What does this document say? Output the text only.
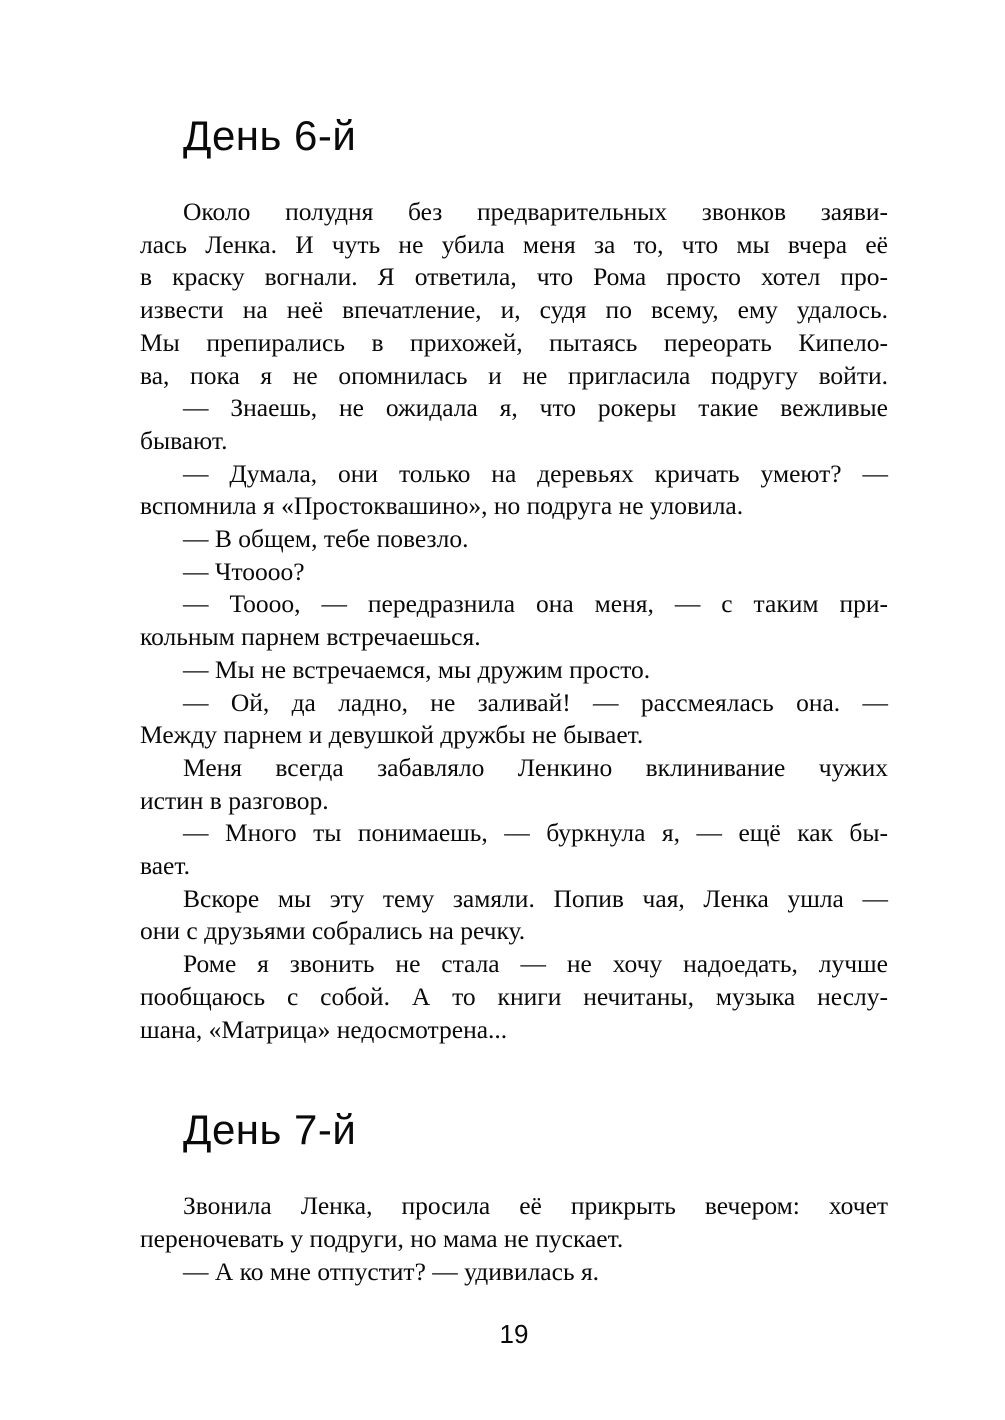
День 6-й
Около полудня без предварительных звонков заяви-
лась Ленка. И чуть не убила меня за то, что мы вчера её
в краску вогнали. Я ответила, что Рома просто хотел про-
извести на неё впечатление, и, судя по всему, ему удалось.
Мы препирались в прихожей, пытаясь переорать Кипело-
ва, пока я не опомнилась и не пригласила подругу войти.
— Знаешь, не ожидала я, что рокеры такие вежливые
бывают.
— Думала, они только на деревьях кричать умеют? —
вспомнила я «Простоквашино», но подруга не уловила.
— В общем, тебе повезло.
— Чтоооо?
— Тоооо, — передразнила она меня, — с таким при-
кольным парнем встречаешься.
— Мы не встречаемся, мы дружим просто.
— Ой, да ладно, не заливай! — рассмеялась она. —
Между парнем и девушкой дружбы не бывает.
Меня всегда забавляло Ленкино вклинивание чужих
истин в разговор.
— Много ты понимаешь, — буркнула я, — ещё как бы-
вает.
Вскоре мы эту тему замяли. Попив чая, Ленка ушла —
они с друзьями собрались на речку.
Роме я звонить не стала — не хочу надоедать, лучше
пообщаюсь с собой. А то книги нечитаны, музыка неслу-
шана, «Матрица» недосмотрена...
День 7-й
Звонила Ленка, просила её прикрыть вечером: хочет
переночевать у подруги, но мама не пускает.
— А ко мне отпустит? — удивилась я.
19
